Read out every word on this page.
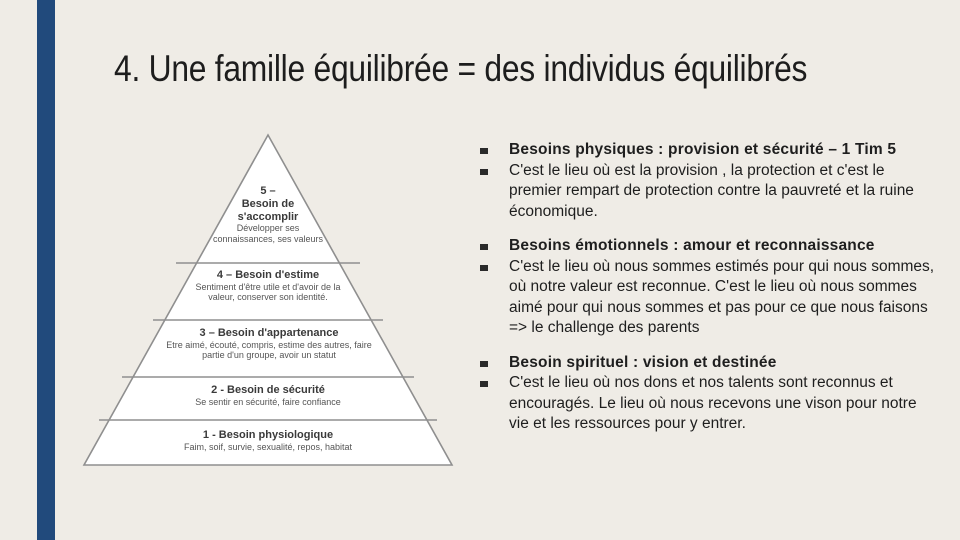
4. Une famille équilibrée = des individus équilibrés
5 –
Besoin de
s'accomplir
Développer ses
connaissances, ses valeurs
4 – Besoin d'estime
Sentiment d'être utile et d'avoir de la
valeur, conserver son identité.
3 – Besoin d'appartenance
Etre aimé, écouté, compris, estime des autres, faire
partie d'un groupe, avoir un statut
2 - Besoin de sécurité
Se sentir en sécurité, faire confiance
1 - Besoin physiologique
Faim, soif, survie, sexualité, repos, habitat
Besoins physiques : provision et sécurité – 1 Tim 5
C'est le lieu où est la provision , la protection et c'est le premier rempart de protection contre la pauvreté et la ruine économique.
Besoins émotionnels : amour et reconnaissance
C'est le lieu où nous sommes estimés pour qui nous sommes, où notre valeur est reconnue. C'est le lieu où nous sommes aimé pour qui nous sommes et pas pour ce que nous faisons => le challenge des parents
Besoin spirituel : vision et destinée
C'est le lieu où nos dons et nos talents sont reconnus et encouragés. Le lieu où nous recevons une vison pour notre vie et les ressources pour y entrer.
